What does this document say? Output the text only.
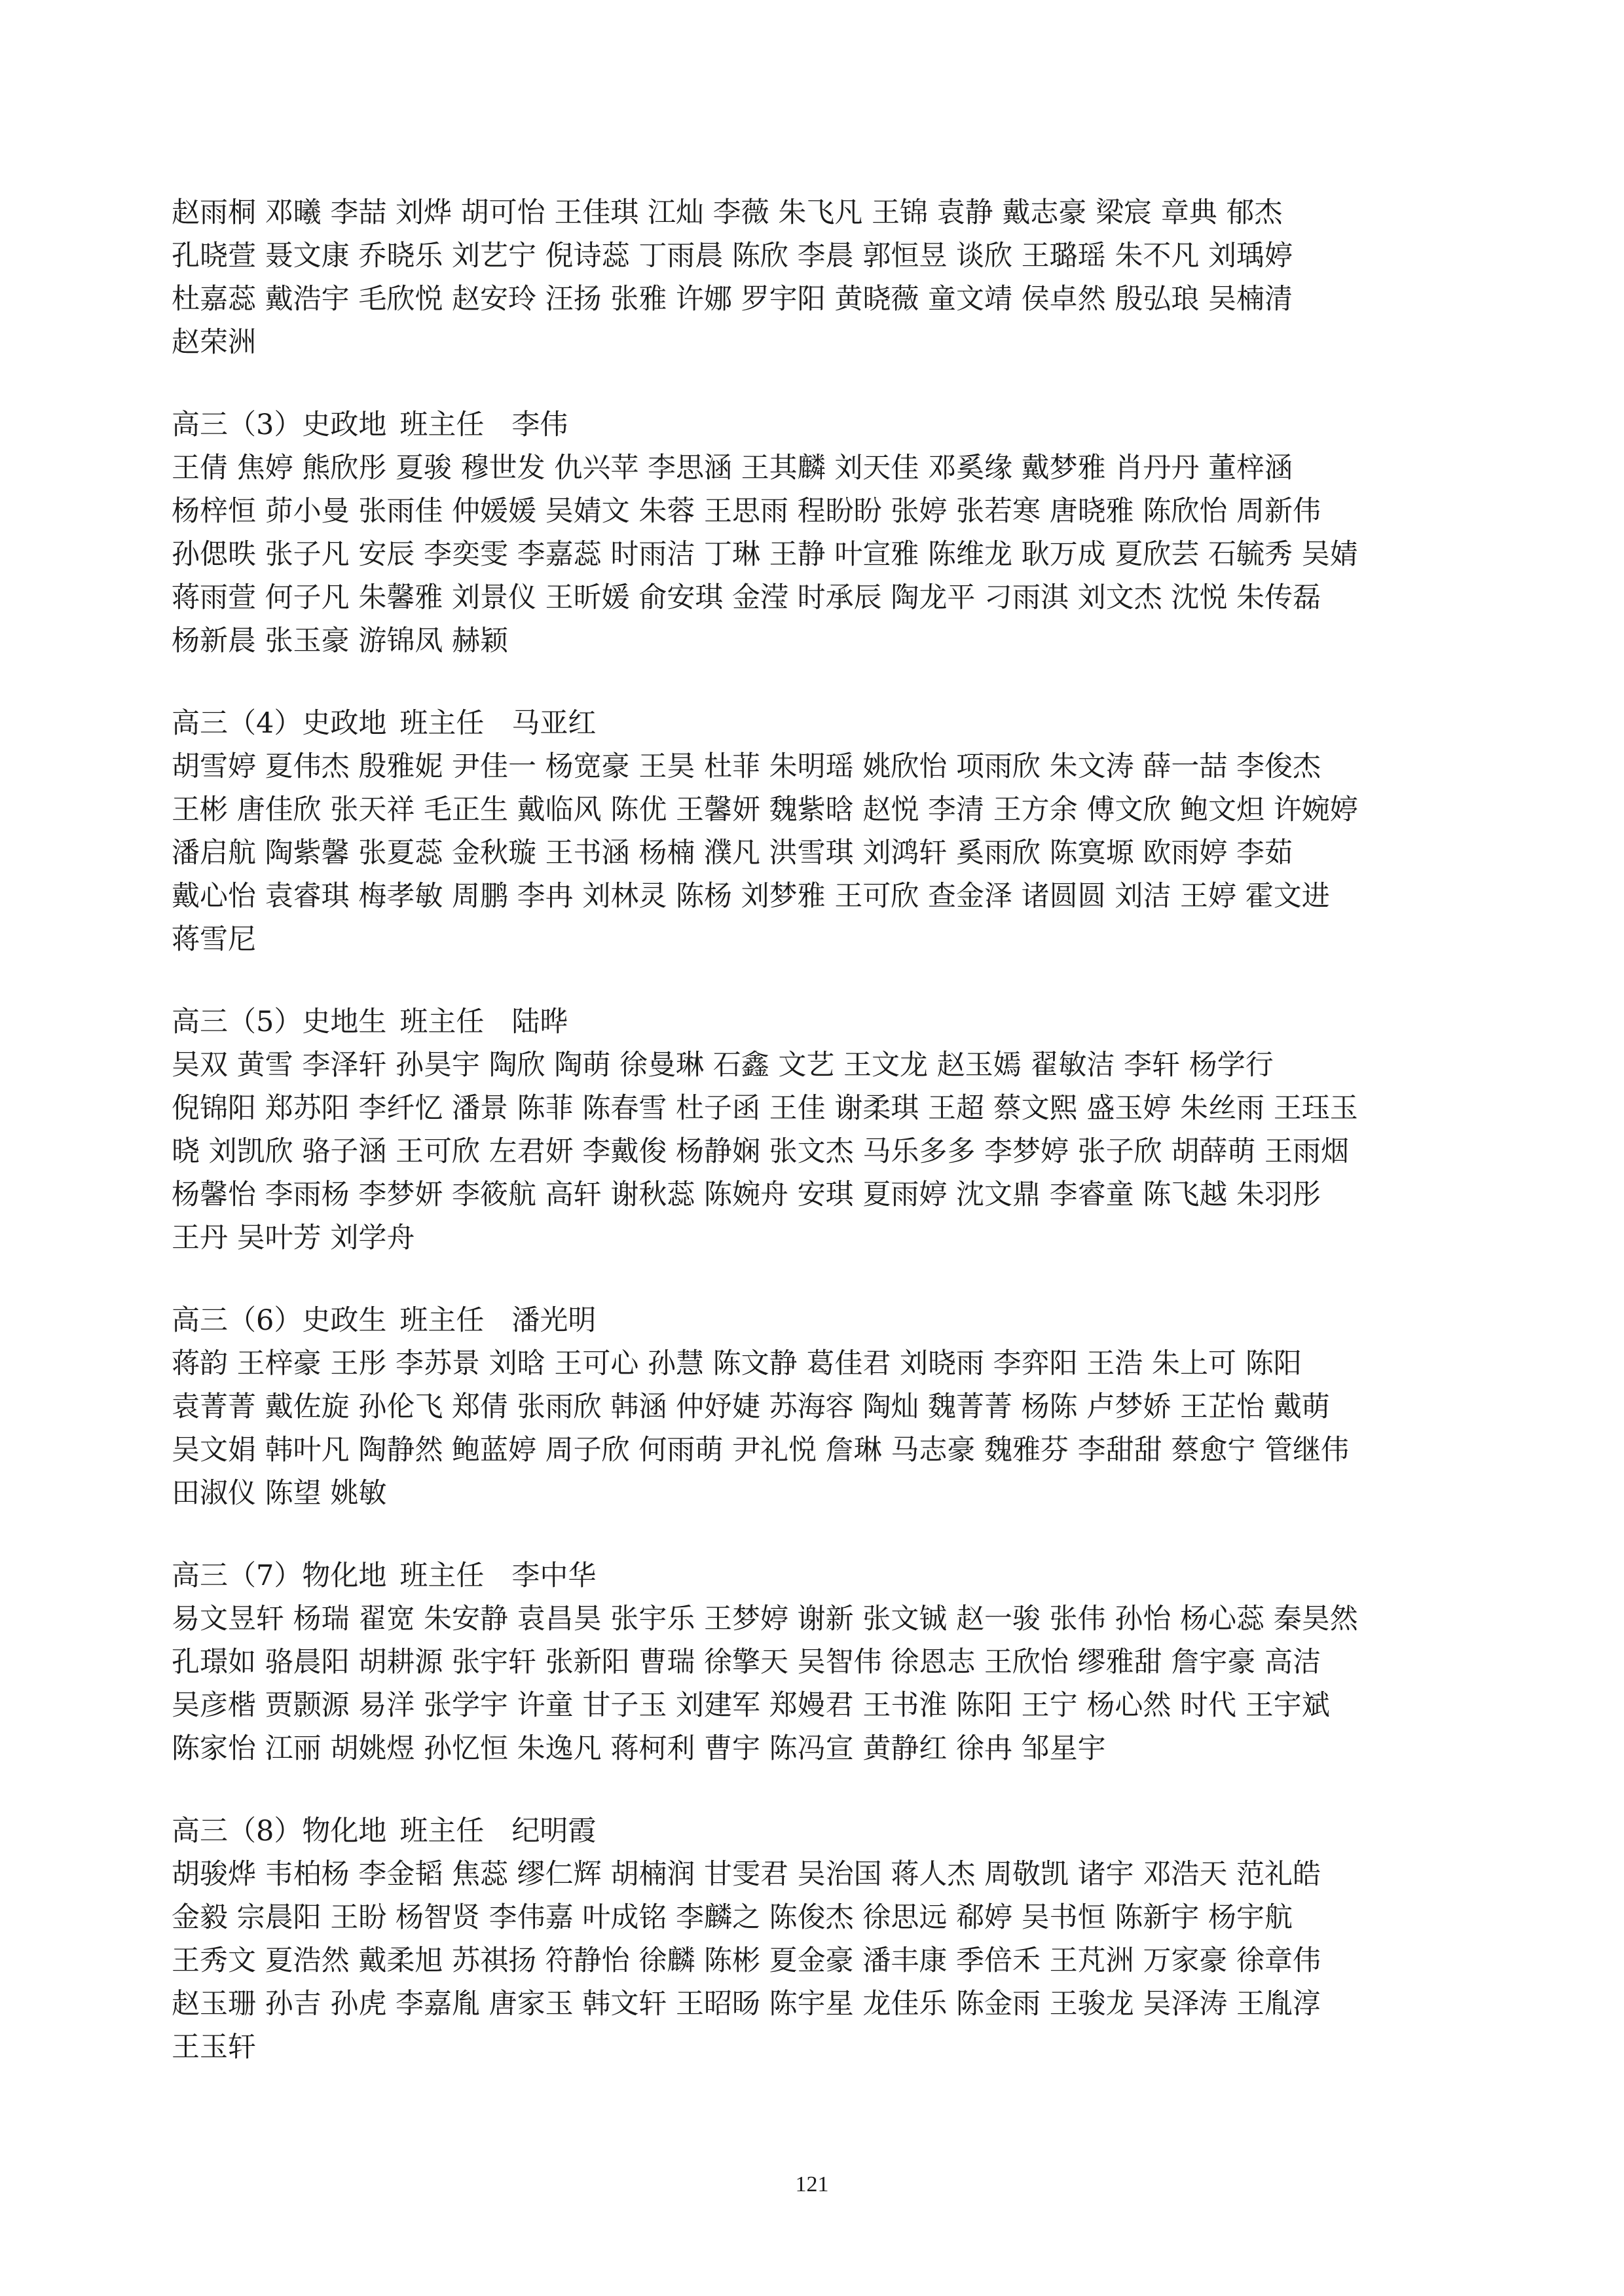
赵雨桐 邓曦 李喆 刘烨 胡可怡 王佳琪 江灿 李薇 朱飞凡 王锦 袁静 戴志豪 梁宸 章典 郁杰
孔晓萱 聂文康 乔晓乐 刘艺宁 倪诗蕊 丁雨晨 陈欣 李晨 郭恒昱 谈欣 王璐瑶 朱不凡 刘瑀婷
杜嘉蕊 戴浩宇 毛欣悦 赵安玲 汪扬 张雅 许娜 罗宇阳 黄晓薇 童文靖 侯卓然 殷弘琅 吴楠清
赵荣洲
高三（3）史政地 班主任 李伟
王倩 焦婷 熊欣彤 夏骏 穆世发 仇兴苹 李思涵 王其麟 刘天佳 邓奚缘 戴梦雅 肖丹丹 董梓涵
杨梓恒 茆小曼 张雨佳 仲媛媛 吴婧文 朱蓉 王思雨 程盼盼 张婷 张若寒 唐晓雅 陈欣怡 周新伟
孙偲昳 张子凡 安辰 李奕雯 李嘉蕊 时雨洁 丁琳 王静 叶宣雅 陈维龙 耿万成 夏欣芸 石毓秀 吴婧
蒋雨萱 何子凡 朱馨雅 刘景仪 王昕媛 俞安琪 金滢 时承辰 陶龙平 刁雨淇 刘文杰 沈悦 朱传磊
杨新晨 张玉豪 游锦凤 赫颖
高三（4）史政地 班主任 马亚红
胡雪婷 夏伟杰 殷雅妮 尹佳一 杨宽豪 王昊 杜菲 朱明瑶 姚欣怡 项雨欣 朱文涛 薛一喆 李俊杰
王彬 唐佳欣 张天祥 毛正生 戴临风 陈优 王馨妍 魏紫晗 赵悦 李清 王方余 傅文欣 鲍文炟 许婉婷
潘启航 陶紫馨 张夏蕊 金秋璇 王书涵 杨楠 濮凡 洪雪琪 刘鸿轩 奚雨欣 陈寞塬 欧雨婷 李茹
戴心怡 袁睿琪 梅孝敏 周鹏 李冉 刘林灵 陈杨 刘梦雅 王可欣 查金泽 诸圆圆 刘洁 王婷 霍文进
蒋雪尼
高三（5）史地生 班主任 陆晔
吴双 黄雪 李泽轩 孙昊宇 陶欣 陶萌 徐曼琳 石鑫 文艺 王文龙 赵玉嫣 翟敏洁 李轩 杨学行
倪锦阳 郑苏阳 李纤忆 潘景 陈菲 陈春雪 杜子函 王佳 谢柔琪 王超 蔡文熙 盛玉婷 朱丝雨 王珏玉
晓 刘凯欣 骆子涵 王可欣 左君妍 李戴俊 杨静娴 张文杰 马乐多多 李梦婷 张子欣 胡薛萌 王雨烟
杨馨怡 李雨杨 李梦妍 李筱航 高轩 谢秋蕊 陈婉舟 安琪 夏雨婷 沈文鼎 李睿童 陈飞越 朱羽彤
王丹 吴叶芳 刘学舟
高三（6）史政生 班主任 潘光明
蒋韵 王梓豪 王彤 李苏景 刘晗 王可心 孙慧 陈文静 葛佳君 刘晓雨 李弈阳 王浩 朱上可 陈阳
袁菁菁 戴佐旋 孙伦飞 郑倩 张雨欣 韩涵 仲妤婕 苏海容 陶灿 魏菁菁 杨陈 卢梦娇 王芷怡 戴萌
吴文娟 韩叶凡 陶静然 鲍蓝婷 周子欣 何雨萌 尹礼悦 詹琳 马志豪 魏雅芬 李甜甜 蔡愈宁 管继伟
田淑仪 陈望 姚敏
高三（7）物化地 班主任 李中华
易文昱轩 杨瑞 翟宽 朱安静 袁昌昊 张宇乐 王梦婷 谢新 张文铖 赵一骏 张伟 孙怡 杨心蕊 秦昊然
孔璟如 骆晨阳 胡耕源 张宇轩 张新阳 曹瑞 徐擎天 吴智伟 徐恩志 王欣怡 缪雅甜 詹宇豪 高洁
吴彦楷 贾颢源 易洋 张学宇 许童 甘子玉 刘建军 郑嫚君 王书淮 陈阳 王宁 杨心然 时代 王宇斌
陈家怡 江丽 胡姚煜 孙忆恒 朱逸凡 蒋柯利 曹宇 陈冯宣 黄静红 徐冉 邹星宇
高三（8）物化地 班主任 纪明霞
胡骏烨 韦柏杨 李金韬 焦蕊 缪仁辉 胡楠润 甘雯君 吴治国 蒋人杰 周敬凯 诸宇 邓浩天 范礼皓
金毅 宗晨阳 王盼 杨智贤 李伟嘉 叶成铭 李麟之 陈俊杰 徐思远 郗婷 吴书恒 陈新宇 杨宇航
王秀文 夏浩然 戴柔旭 苏祺扬 符静怡 徐麟 陈彬 夏金豪 潘丰康 季倍禾 王芃洲 万家豪 徐章伟
赵玉珊 孙吉 孙虎 李嘉胤 唐家玉 韩文轩 王昭旸 陈宇星 龙佳乐 陈金雨 王骏龙 吴泽涛 王胤淳
王玉轩
121
